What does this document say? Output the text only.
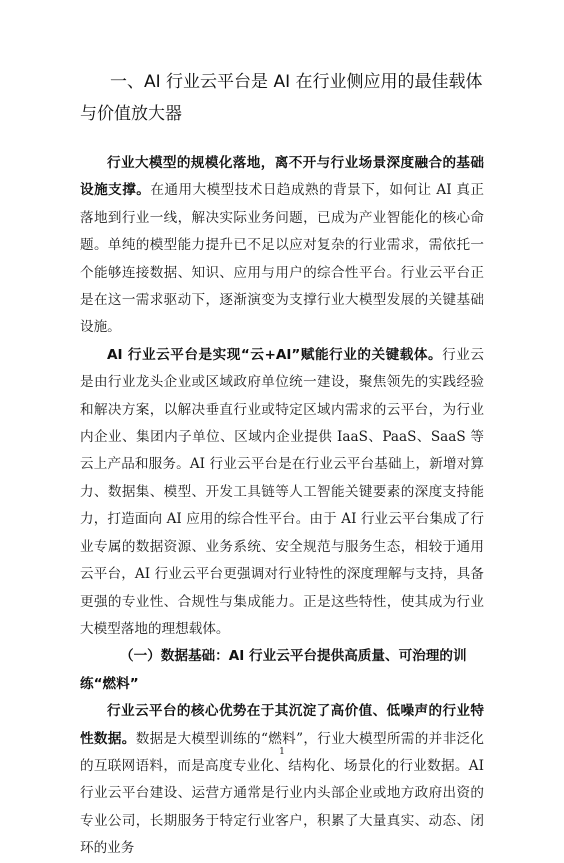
一、AI 行业云平台是 AI 在行业侧应用的最佳载体与价值放大器

行业大模型的规模化落地，离不开与行业场景深度融合的基础设施支撑。在通用大模型技术日趋成熟的背景下，如何让 AI 真正落地到行业一线，解决实际业务问题，已成为产业智能化的核心命题。单纯的模型能力提升已不足以应对复杂的行业需求，需依托一个能够连接数据、知识、应用与用户的综合性平台。行业云平台正是在这一需求驱动下，逐渐演变为支撑行业大模型发展的关键基础设施。

AI 行业云平台是实现“云+AI”赋能行业的关键载体。行业云是由行业龙头企业或区域政府单位统一建设，聚焦领先的实践经验和解决方案，以解决垂直行业或特定区域内需求的云平台，为行业内企业、集团内子单位、区域内企业提供 IaaS、PaaS、SaaS 等云上产品和服务。AI 行业云平台是在行业云平台基础上，新增对算力、数据集、模型、开发工具链等人工智能关键要素的深度支持能力，打造面向 AI 应用的综合性平台。由于 AI 行业云平台集成了行业专属的数据资源、业务系统、安全规范与服务生态，相较于通用云平台，AI 行业云平台更强调对行业特性的深度理解与支持，具备更强的专业性、合规性与集成能力。正是这些特性，使其成为行业大模型落地的理想载体。

（一）数据基础：AI 行业云平台提供高质量、可治理的训练“燃料”

行业云平台的核心优势在于其沉淀了高价值、低噪声的行业特性数据。数据是大模型训练的“燃料”，行业大模型所需的并非泛化的互联网语料，而是高度专业化、结构化、场景化的行业数据。AI 行业云平台建设、运营方通常是行业内头部企业或地方政府出资的专业公司，长期服务于特定行业客户，积累了大量真实、动态、闭环的业务

1
